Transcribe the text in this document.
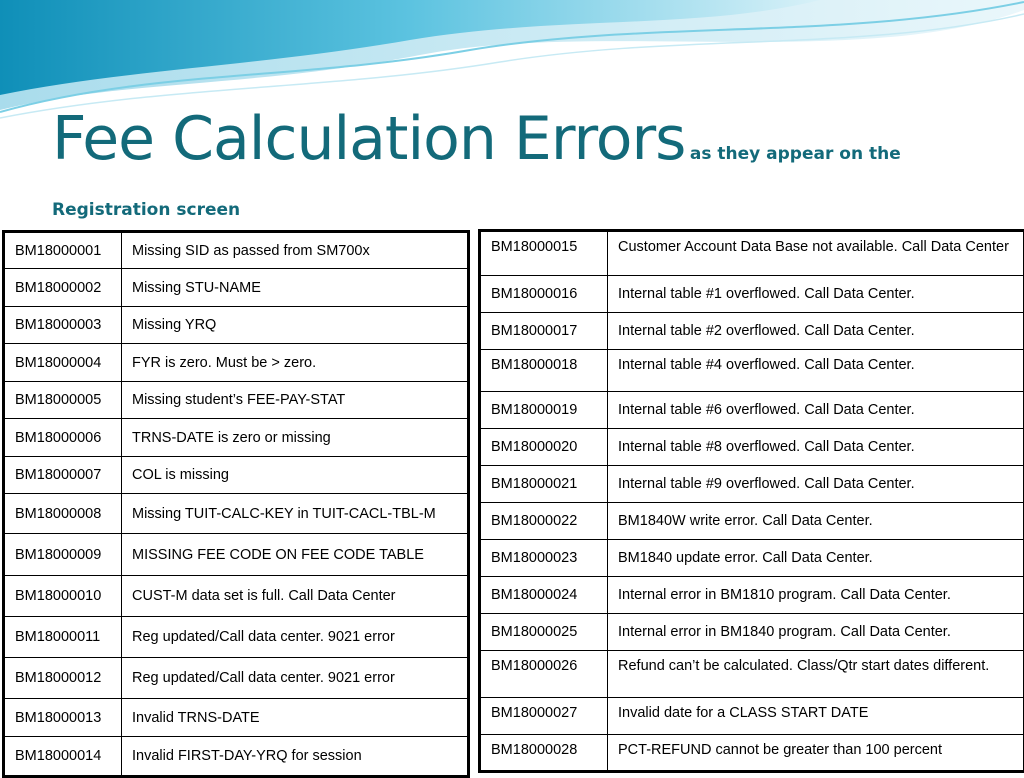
Fee Calculation Errors as they appear on the
Registration screen
BM18000001	Missing SID as passed from SM700x
BM18000002	Missing STU-NAME
BM18000003	Missing YRQ
BM18000004	FYR is zero. Must be > zero.
BM18000005	Missing student’s FEE-PAY-STAT
BM18000006	TRNS-DATE is zero or missing
BM18000007	COL is missing
BM18000008	Missing TUIT-CALC-KEY in TUIT-CACL-TBL-M
BM18000009	MISSING FEE CODE ON FEE CODE TABLE
BM18000010	CUST-M data set is full. Call Data Center
BM18000011	Reg updated/Call data center. 9021 error
BM18000012	Reg updated/Call data center. 9021 error
BM18000013	Invalid TRNS-DATE
BM18000014	Invalid FIRST-DAY-YRQ for session
BM18000015	Customer Account Data Base not available. Call Data Center
BM18000016	Internal table #1 overflowed. Call Data Center.
BM18000017	Internal table #2 overflowed. Call Data Center.
BM18000018	Internal table #4 overflowed. Call Data Center.
BM18000019	Internal table #6 overflowed. Call Data Center.
BM18000020	Internal table #8 overflowed. Call Data Center.
BM18000021	Internal table #9 overflowed. Call Data Center.
BM18000022	BM1840W write error. Call Data Center.
BM18000023	BM1840 update error. Call Data Center.
BM18000024	Internal error in BM1810 program. Call Data Center.
BM18000025	Internal error in BM1840 program. Call Data Center.
BM18000026	Refund can’t be calculated. Class/Qtr start dates different.
BM18000027	Invalid date for a CLASS START DATE
BM18000028	PCT-REFUND cannot be greater than 100 percent
